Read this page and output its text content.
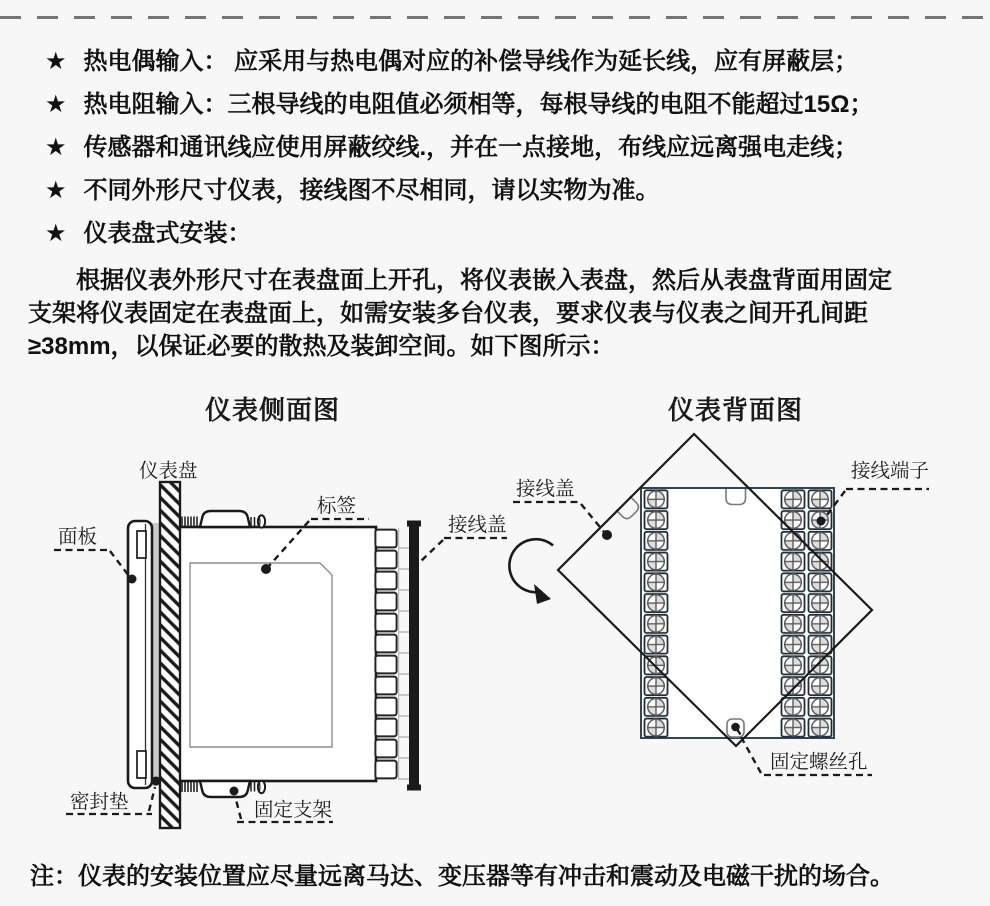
★ 热电偶输入： 应采用与热电偶对应的补偿导线作为延长线，应有屏蔽层；
★ 热电阻输入：三根导线的电阻值必须相等，每根导线的电阻不能超过15Ω；
★ 传感器和通讯线应使用屏蔽绞线.，并在一点接地，布线应远离强电走线；
★ 不同外形尺寸仪表，接线图不尽相同，请以实物为准。
★ 仪表盘式安装：
根据仪表外形尺寸在表盘面上开孔，将仪表嵌入表盘，然后从表盘背面用固定支架将仪表固定在表盘面上，如需安装多台仪表，要求仪表与仪表之间开孔间距≥38mm，以保证必要的散热及装卸空间。如下图所示：
仪表侧面图
仪表盘
面板
标签
接线盖
密封垫	固定支架
仪表背面图
接线盖
接线端子
固定螺丝孔
注：仪表的安装位置应尽量远离马达、变压器等有冲击和震动及电磁干扰的场合。
